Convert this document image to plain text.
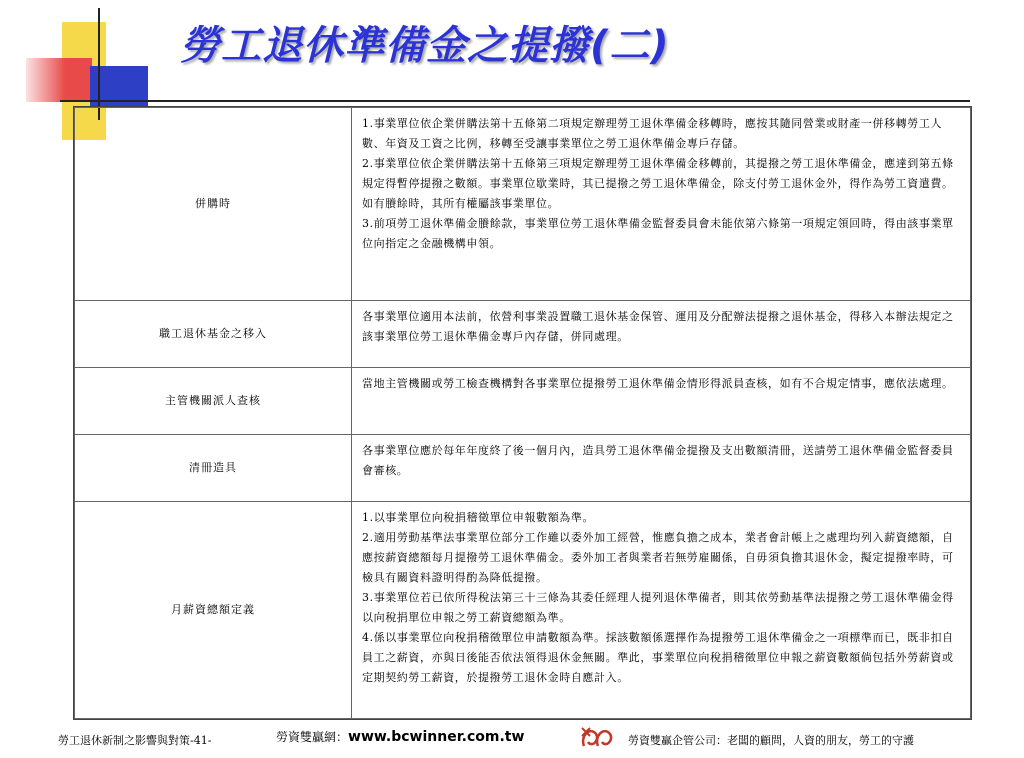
勞工退休準備金之提撥(二)
併購時	1.事業單位依企業併購法第十五條第二項規定辦理勞工退休準備金移轉時，應按其隨同營業或財產一併移轉勞工人數、年資及工資之比例，移轉至受讓事業單位之勞工退休準備金專戶存儲。

2.事業單位依企業併購法第十五條第三項規定辦理勞工退休準備金移轉前，其提撥之勞工退休準備金，應達到第五條規定得暫停提撥之數額。事業單位歇業時，其已提撥之勞工退休準備金，除支付勞工退休金外，得作為勞工資遣費。如有賸餘時，其所有權屬該事業單位。

3.前項勞工退休準備金賸餘款，事業單位勞工退休準備金監督委員會未能依第六條第一項規定領回時，得由該事業單位向指定之金融機構申領。

職工退休基金之移入	各事業單位適用本法前，依營利事業設置職工退休基金保管、運用及分配辦法提撥之退休基金，得移入本辦法規定之該事業單位勞工退休準備金專戶內存儲，併同處理。

主管機關派人查核	當地主管機關或勞工檢查機構對各事業單位提撥勞工退休準備金情形得派員查核，如有不合規定情事，應依法處理。

清冊造具	各事業單位應於每年年度終了後一個月內，造具勞工退休準備金提撥及支出數額清冊，送請勞工退休準備金監督委員會審核。

月薪資總額定義	1.以事業單位向稅捐稽徵單位申報數額為準。

2.適用勞動基準法事業單位部分工作雖以委外加工經營，惟應負擔之成本，業者會計帳上之處理均列入薪資總額，自應按薪資總額每月提撥勞工退休準備金。委外加工者與業者若無勞雇關係，自毋須負擔其退休金，擬定提撥率時，可檢具有關資料證明得酌為降低提撥。

3.事業單位若已依所得稅法第三十三條為其委任經理人提列退休準備者，則其依勞動基準法提撥之勞工退休準備金得以向稅捐單位申報之勞工薪資總額為準。

4.係以事業單位向稅捐稽徵單位申請數額為準。採該數額係選擇作為提撥勞工退休準備金之一項標準而已，既非扣自員工之薪資，亦與日後能否依法領得退休金無關。準此，事業單位向稅捐稽徵單位申報之薪資數額倘包括外勞薪資或定期契約勞工薪資，於提撥勞工退休金時自應計入。

勞工退休新制之影響與對策-41-	勞資雙贏網：www.bcwinner.com.tw	勞資雙贏企管公司：老闆的顧問，人資的朋友，勞工的守護
